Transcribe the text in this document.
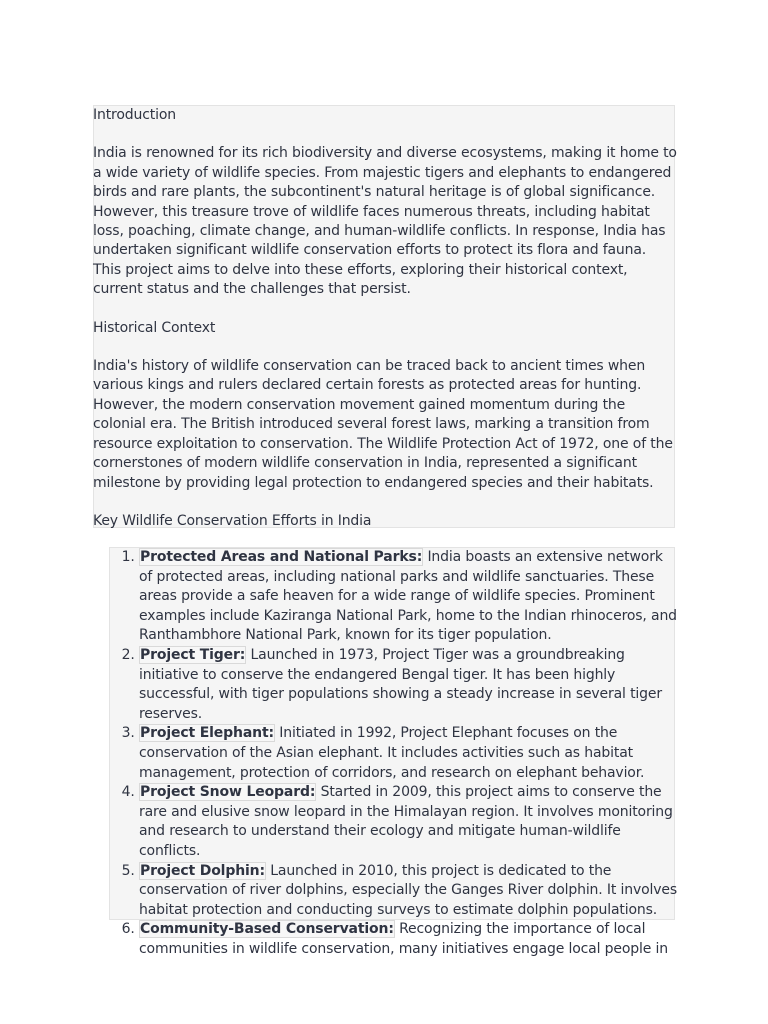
Introduction

India is renowned for its rich biodiversity and diverse ecosystems, making it home to a wide variety of wildlife species. From majestic tigers and elephants to endangered birds and rare plants, the subcontinent's natural heritage is of global significance. However, this treasure trove of wildlife faces numerous threats, including habitat loss, poaching, climate change, and human-wildlife conflicts. In response, India has undertaken significant wildlife conservation efforts to protect its flora and fauna. This project aims to delve into these efforts, exploring their historical context, current status and the challenges that persist.

Historical Context

India's history of wildlife conservation can be traced back to ancient times when various kings and rulers declared certain forests as protected areas for hunting. However, the modern conservation movement gained momentum during the colonial era. The British introduced several forest laws, marking a transition from resource exploitation to conservation. The Wildlife Protection Act of 1972, one of the cornerstones of modern wildlife conservation in India, represented a significant milestone by providing legal protection to endangered species and their habitats.

Key Wildlife Conservation Efforts in India
1. Protected Areas and National Parks: India boasts an extensive network of protected areas, including national parks and wildlife sanctuaries. These areas provide a safe heaven for a wide range of wildlife species. Prominent examples include Kaziranga National Park, home to the Indian rhinoceros, and Ranthambhore National Park, known for its tiger population.
2. Project Tiger: Launched in 1973, Project Tiger was a groundbreaking initiative to conserve the endangered Bengal tiger. It has been highly successful, with tiger populations showing a steady increase in several tiger reserves.
3. Project Elephant: Initiated in 1992, Project Elephant focuses on the conservation of the Asian elephant. It includes activities such as habitat management, protection of corridors, and research on elephant behavior.
4. Project Snow Leopard: Started in 2009, this project aims to conserve the rare and elusive snow leopard in the Himalayan region. It involves monitoring and research to understand their ecology and mitigate human-wildlife conflicts.
5. Project Dolphin: Launched in 2010, this project is dedicated to the conservation of river dolphins, especially the Ganges River dolphin. It involves habitat protection and conducting surveys to estimate dolphin populations.
6. Community-Based Conservation: Recognizing the importance of local communities in wildlife conservation, many initiatives engage local people in
